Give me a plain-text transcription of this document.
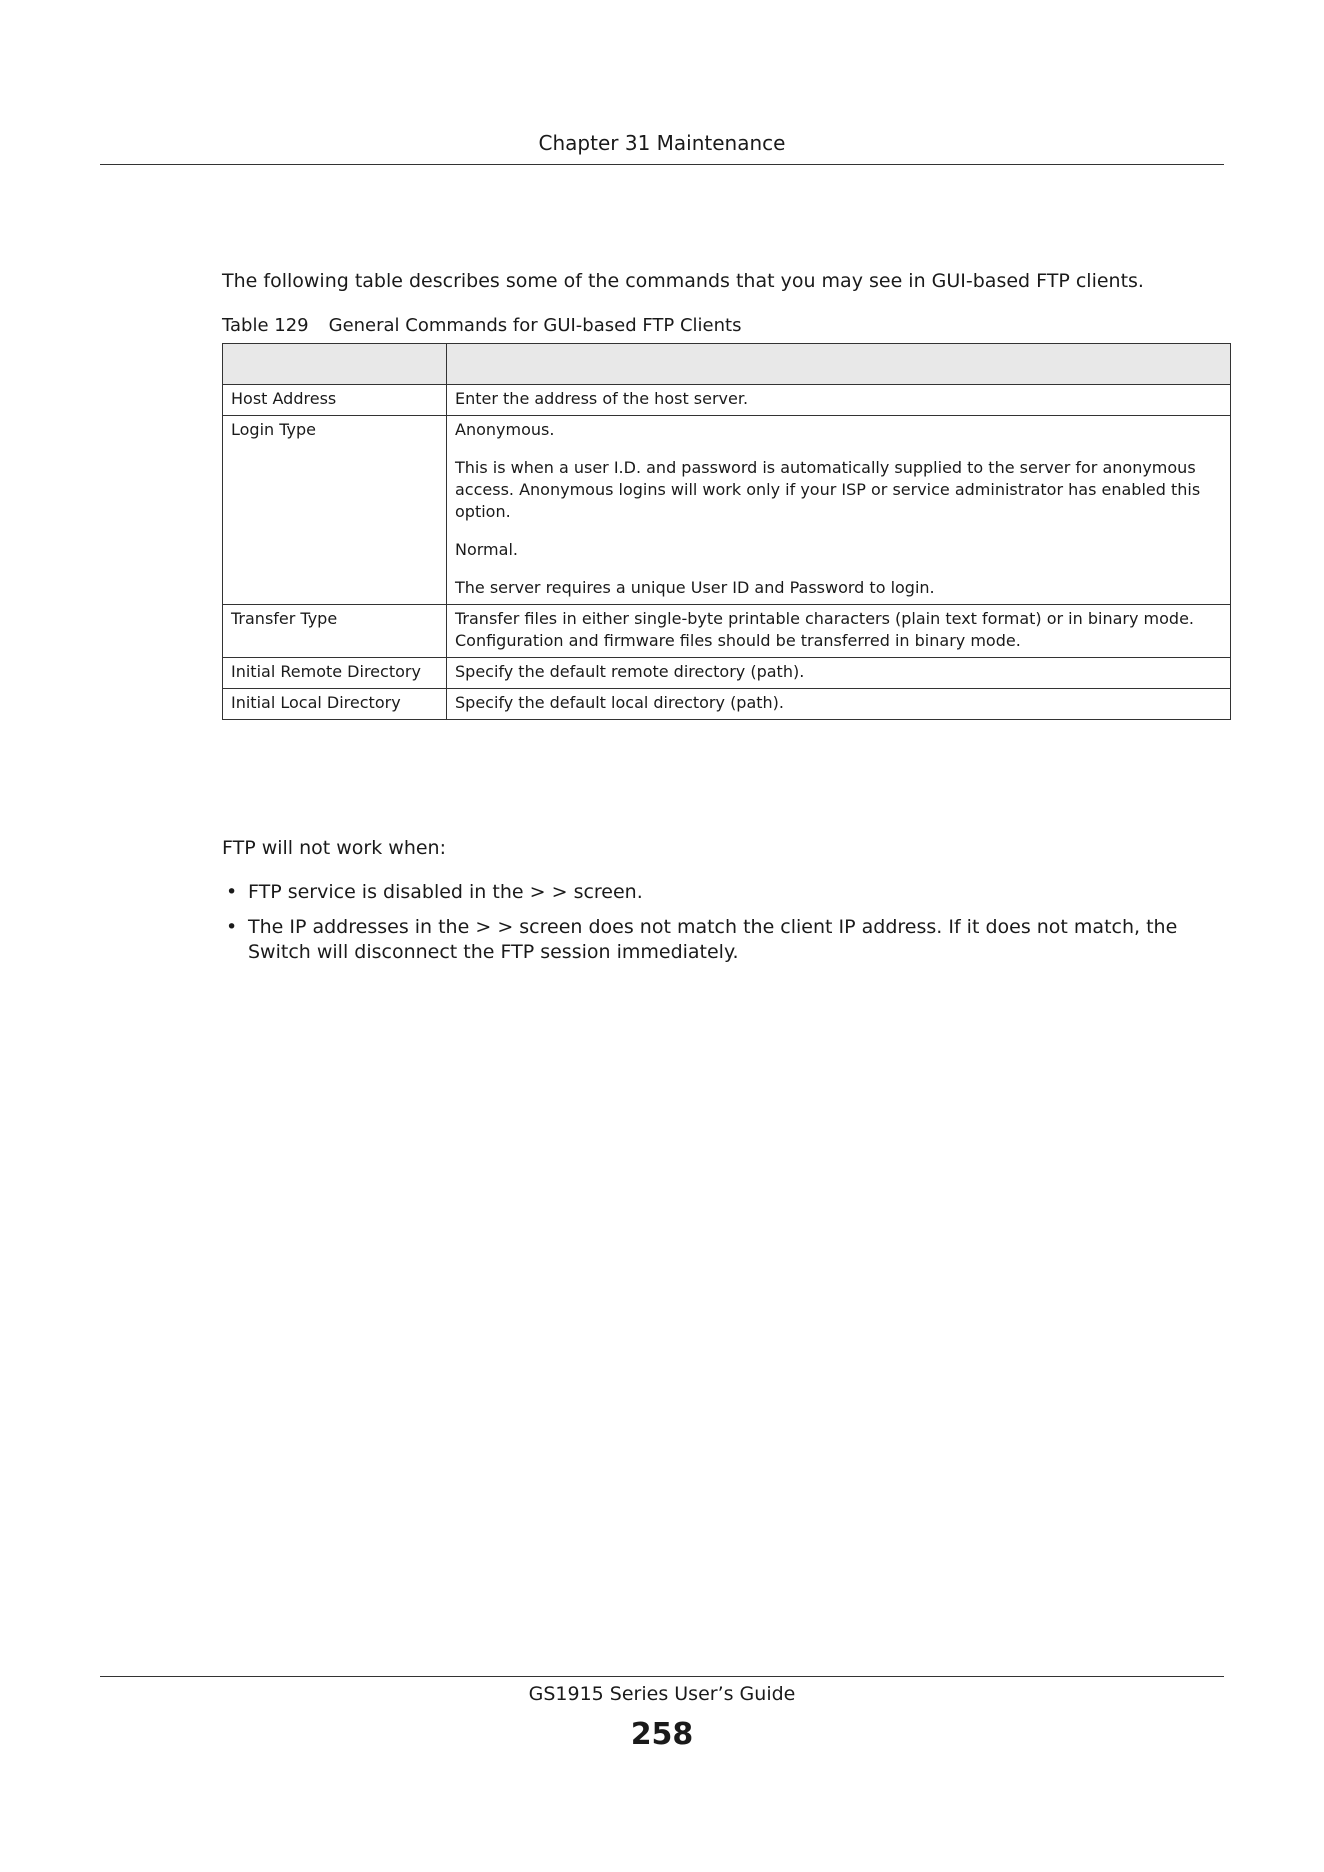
Chapter 31 Maintenance

The following table describes some of the commands that you may see in GUI-based FTP clients.

Table 129 General Commands for GUI-based FTP Clients

Host Address	Enter the address of the host server.

Login Type	Anonymous.

This is when a user I.D. and password is automatically supplied to the server for anonymous access. Anonymous logins will work only if your ISP or service administrator has enabled this option.

Normal.

The server requires a unique User ID and Password to login.

Transfer Type	Transfer files in either single-byte printable characters (plain text format) or in binary mode. Configuration and firmware files should be transferred in binary mode.

Initial Remote Directory	Specify the default remote directory (path).

Initial Local Directory	Specify the default local directory (path).

FTP will not work when:

• FTP service is disabled in the > > screen.
• The IP addresses in the > > screen does not match the client IP address. If it does not match, the Switch will disconnect the FTP session immediately.
GS1915 Series User’s Guide
258
